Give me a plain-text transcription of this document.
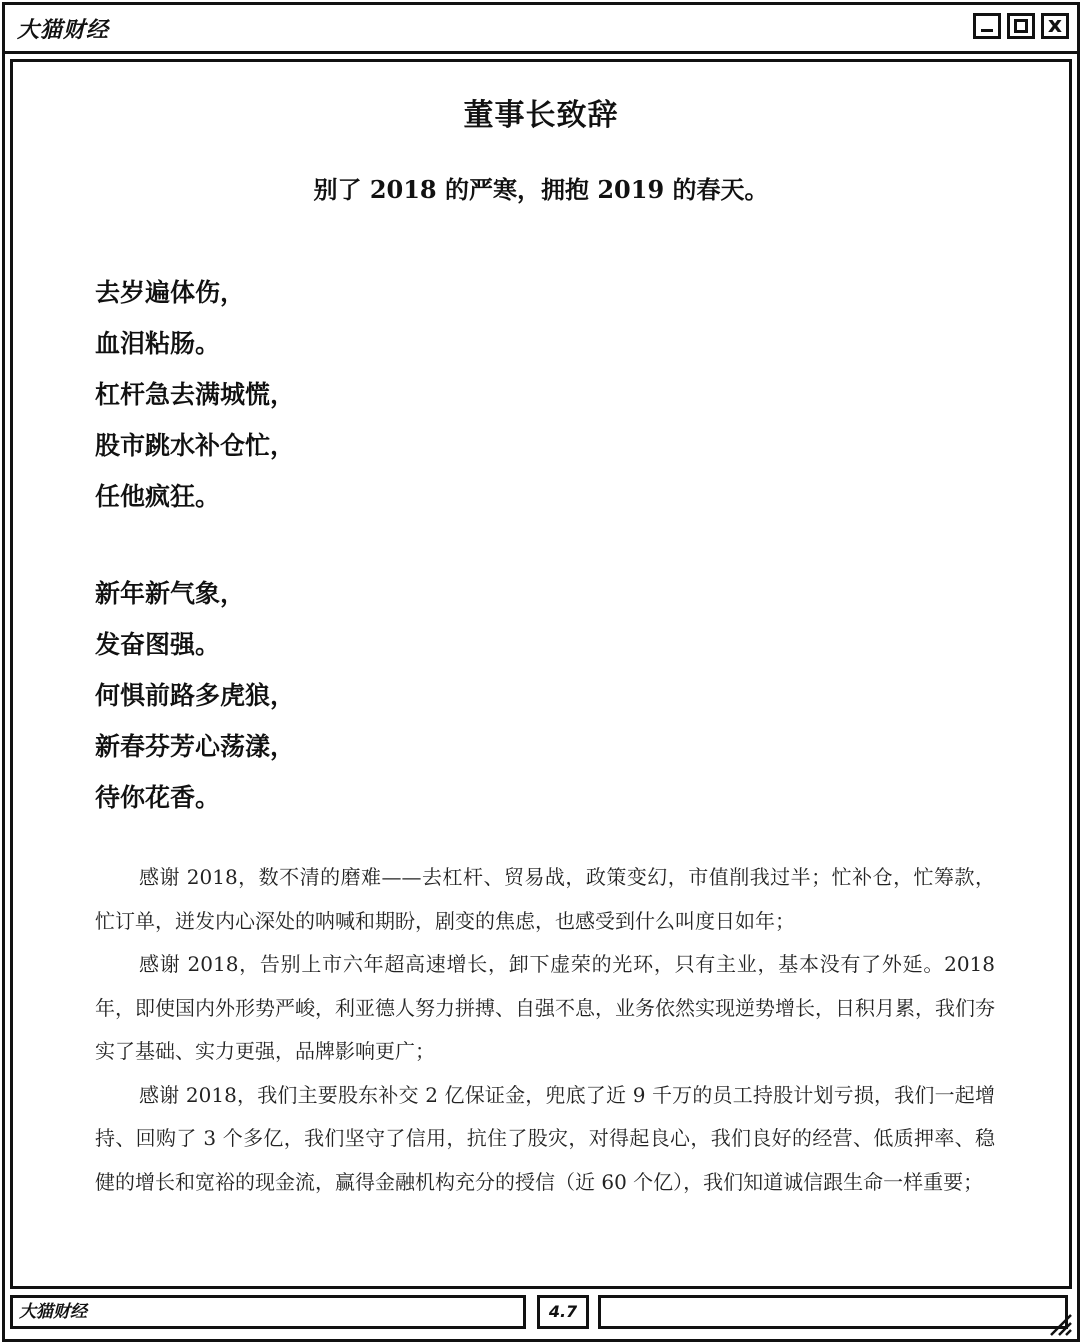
大猫财经	x
董事长致辞
别了 2018 的严寒，拥抱 2019 的春天。
去岁遍体伤，
血泪粘肠。
杠杆急去满城慌，
股市跳水补仓忙，
任他疯狂。
新年新气象，
发奋图强。
何惧前路多虎狼，
新春芬芳心荡漾，
待你花香。

感谢 2018，数不清的磨难——去杠杆、贸易战，政策变幻，市值削我过半；忙补仓，忙筹款，忙订单，迸发内心深处的呐喊和期盼，剧变的焦虑，也感受到什么叫度日如年；

感谢 2018，告别上市六年超高速增长，卸下虚荣的光环，只有主业，基本没有了外延。2018 年，即使国内外形势严峻，利亚德人努力拼搏、自强不息，业务依然实现逆势增长，日积月累，我们夯实了基础、实力更强，品牌影响更广；

感谢 2018，我们主要股东补交 2 亿保证金，兜底了近 9 千万的员工持股计划亏损，我们一起增持、回购了 3 个多亿，我们坚守了信用，抗住了股灾，对得起良心，我们良好的经营、低质押率、稳健的增长和宽裕的现金流，赢得金融机构充分的授信（近 60 个亿），我们知道诚信跟生命一样重要；

大猫财经	4.7
